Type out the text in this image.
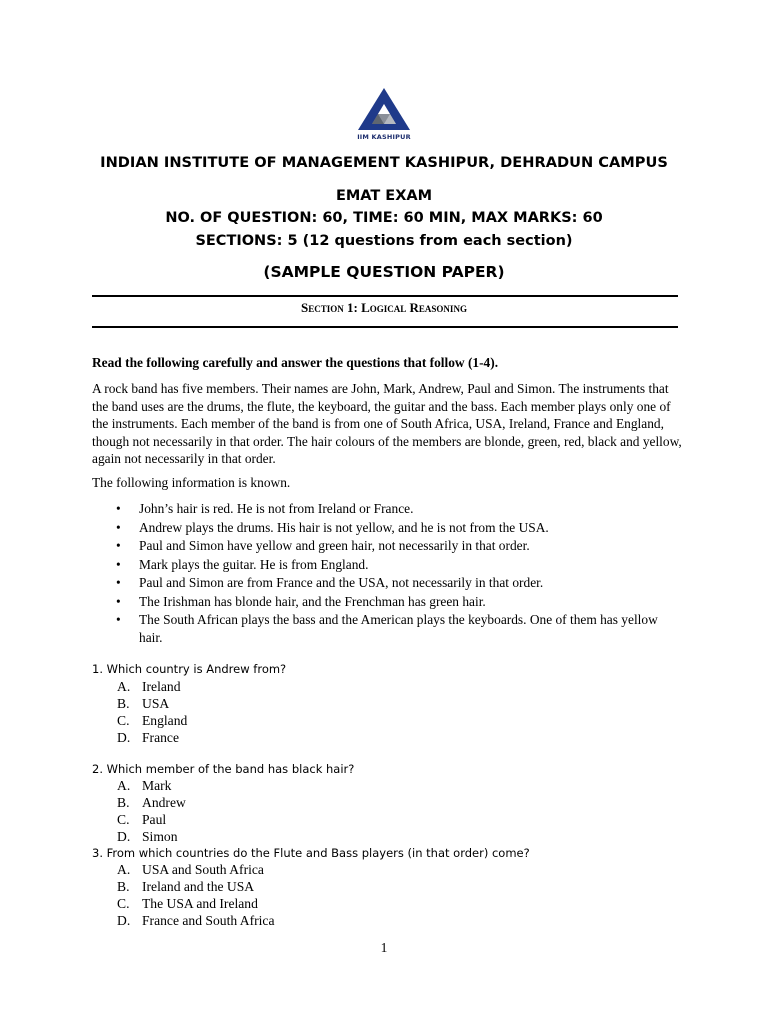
IIM KASHIPUR
INDIAN INSTITUTE OF MANAGEMENT KASHIPUR, DEHRADUN CAMPUS
EMAT EXAM
NO. OF QUESTION: 60, TIME: 60 MIN, MAX MARKS: 60
SECTIONS: 5 (12 questions from each section)
(SAMPLE QUESTION PAPER)
Section 1: Logical Reasoning
Read the following carefully and answer the questions that follow (1-4).
A rock band has five members. Their names are John, Mark, Andrew, Paul and Simon. The instruments that the band uses are the drums, the flute, the keyboard, the guitar and the bass. Each member plays only one of the instruments. Each member of the band is from one of South Africa, USA, Ireland, France and England, though not necessarily in that order. The hair colours of the members are blonde, green, red, black and yellow, again not necessarily in that order.
The following information is known.
• John’s hair is red. He is not from Ireland or France.
• Andrew plays the drums. His hair is not yellow, and he is not from the USA.
• Paul and Simon have yellow and green hair, not necessarily in that order.
• Mark plays the guitar. He is from England.
• Paul and Simon are from France and the USA, not necessarily in that order.
• The Irishman has blonde hair, and the Frenchman has green hair.
• The South African plays the bass and the American plays the keyboards. One of them has yellow hair.
1. Which country is Andrew from?
A. Ireland
B. USA
C. England
D. France
2. Which member of the band has black hair?
A. Mark
B. Andrew
C. Paul
D. Simon
3. From which countries do the Flute and Bass players (in that order) come?
A. USA and South Africa
B. Ireland and the USA
C. The USA and Ireland
D. France and South Africa
1
